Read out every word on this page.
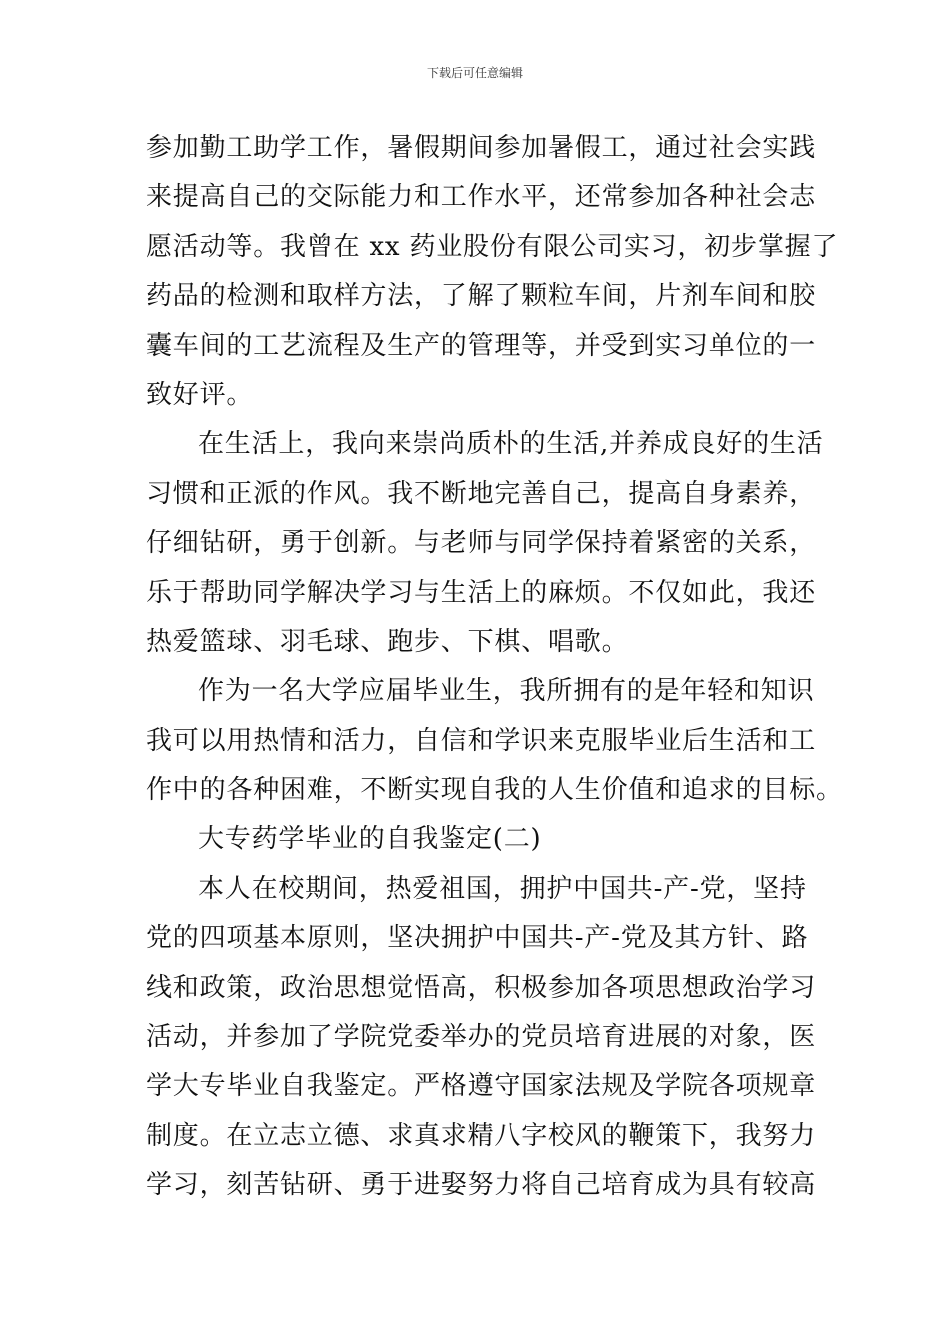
下载后可任意编辑
参加勤工助学工作，暑假期间参加暑假工，通过社会实践
来提高自己的交际能力和工作水平，还常参加各种社会志
愿活动等。我曾在 xx 药业股份有限公司实习，初步掌握了
药品的检测和取样方法，了解了颗粒车间，片剂车间和胶
囊车间的工艺流程及生产的管理等，并受到实习单位的一
致好评。
在生活上，我向来崇尚质朴的生活,并养成良好的生活
习惯和正派的作风。我不断地完善自己，提高自身素养，
仔细钻研，勇于创新。与老师与同学保持着紧密的关系，
乐于帮助同学解决学习与生活上的麻烦。不仅如此，我还
热爱篮球、羽毛球、跑步、下棋、唱歌。
作为一名大学应届毕业生，我所拥有的是年轻和知识
我可以用热情和活力，自信和学识来克服毕业后生活和工
作中的各种困难，不断实现自我的人生价值和追求的目标。
大专药学毕业的自我鉴定(二)
本人在校期间，热爱祖国，拥护中国共-产-党，坚持
党的四项基本原则，坚决拥护中国共-产-党及其方针、路
线和政策，政治思想觉悟高，积极参加各项思想政治学习
活动，并参加了学院党委举办的党员培育进展的对象，医
学大专毕业自我鉴定。严格遵守国家法规及学院各项规章
制度。在立志立德、求真求精八字校风的鞭策下，我努力
学习，刻苦钻研、勇于进娶努力将自己培育成为具有较高
